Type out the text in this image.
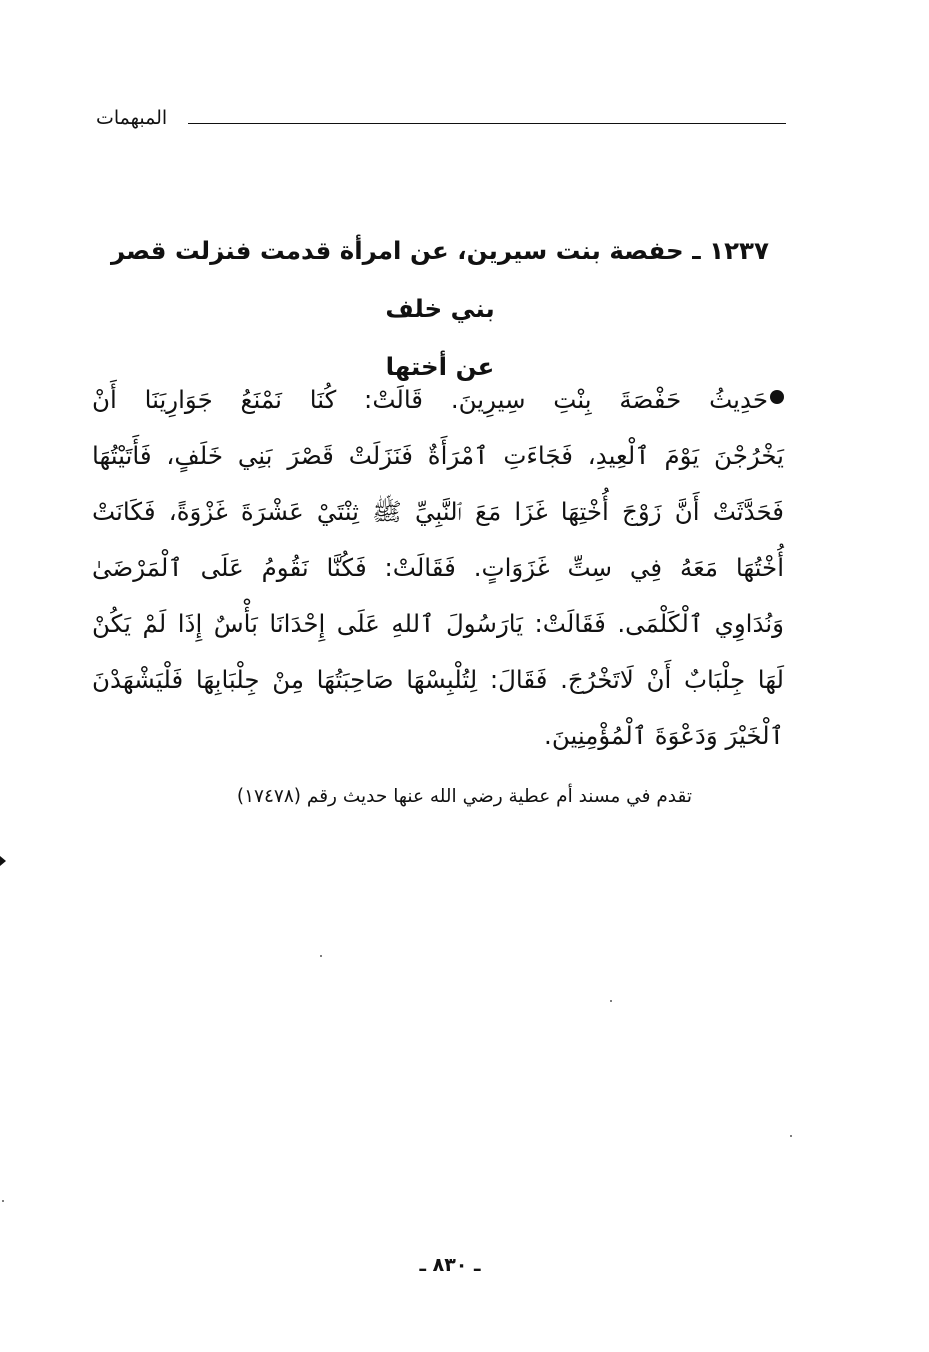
المبهمات
١٢٣٧ ـ حفصة بنت سيرين، عن امرأة قدمت فنزلت قصر بني خلف
عن أختها
حَدِيثُ حَفْصَةَ بِنْتِ سِيرِينَ. قَالَتْ: كُنَا نَمْنَعُ جَوَارِيَنَا أَنْ
يَخْرُجْنَ يَوْمَ ٱلْعِيدِ، فَجَاءَتِ ٱمْرَأَةٌ فَنَزَلَتْ قَصْرَ بَنِي خَلَفٍ، فَأَتَيْتُهَا
فَحَدَّثَتْ أَنَّ زَوْجَ أُخْتِهَا غَزَا مَعَ ٱلنَّبِيِّ ﷺ ثِنْتَيْ عَشْرَةَ غَزْوَةً، فَكَانَتْ
أُخْتُهَا مَعَهُ فِي سِتِّ غَزَوَاتٍ. فَقَالَتْ: فَكُنَّا نَقُومُ عَلَى ٱلْمَرْضَىٰ
وَنُدَاوِي ٱلْكَلْمَى. فَقَالَتْ: يَارَسُولَ ٱللهِ عَلَى إِحْدَانَا بَأْسٌ إِذَا لَمْ يَكُنْ
لَهَا جِلْبَابٌ أَنْ لَاتَخْرُجَ. فَقَالَ: لِتُلْبِسْهَا صَاحِبَتُهَا مِنْ جِلْبَابِهَا فَلْيَشْهَدْنَ
ٱلْخَيْرَ وَدَعْوَةَ ٱلْمُؤْمِنِينَ.
تقدم في مسند أم عطية رضي الله عنها حديث رقم (١٧٤٧٨)
ـ ٨٣٠ ـ
